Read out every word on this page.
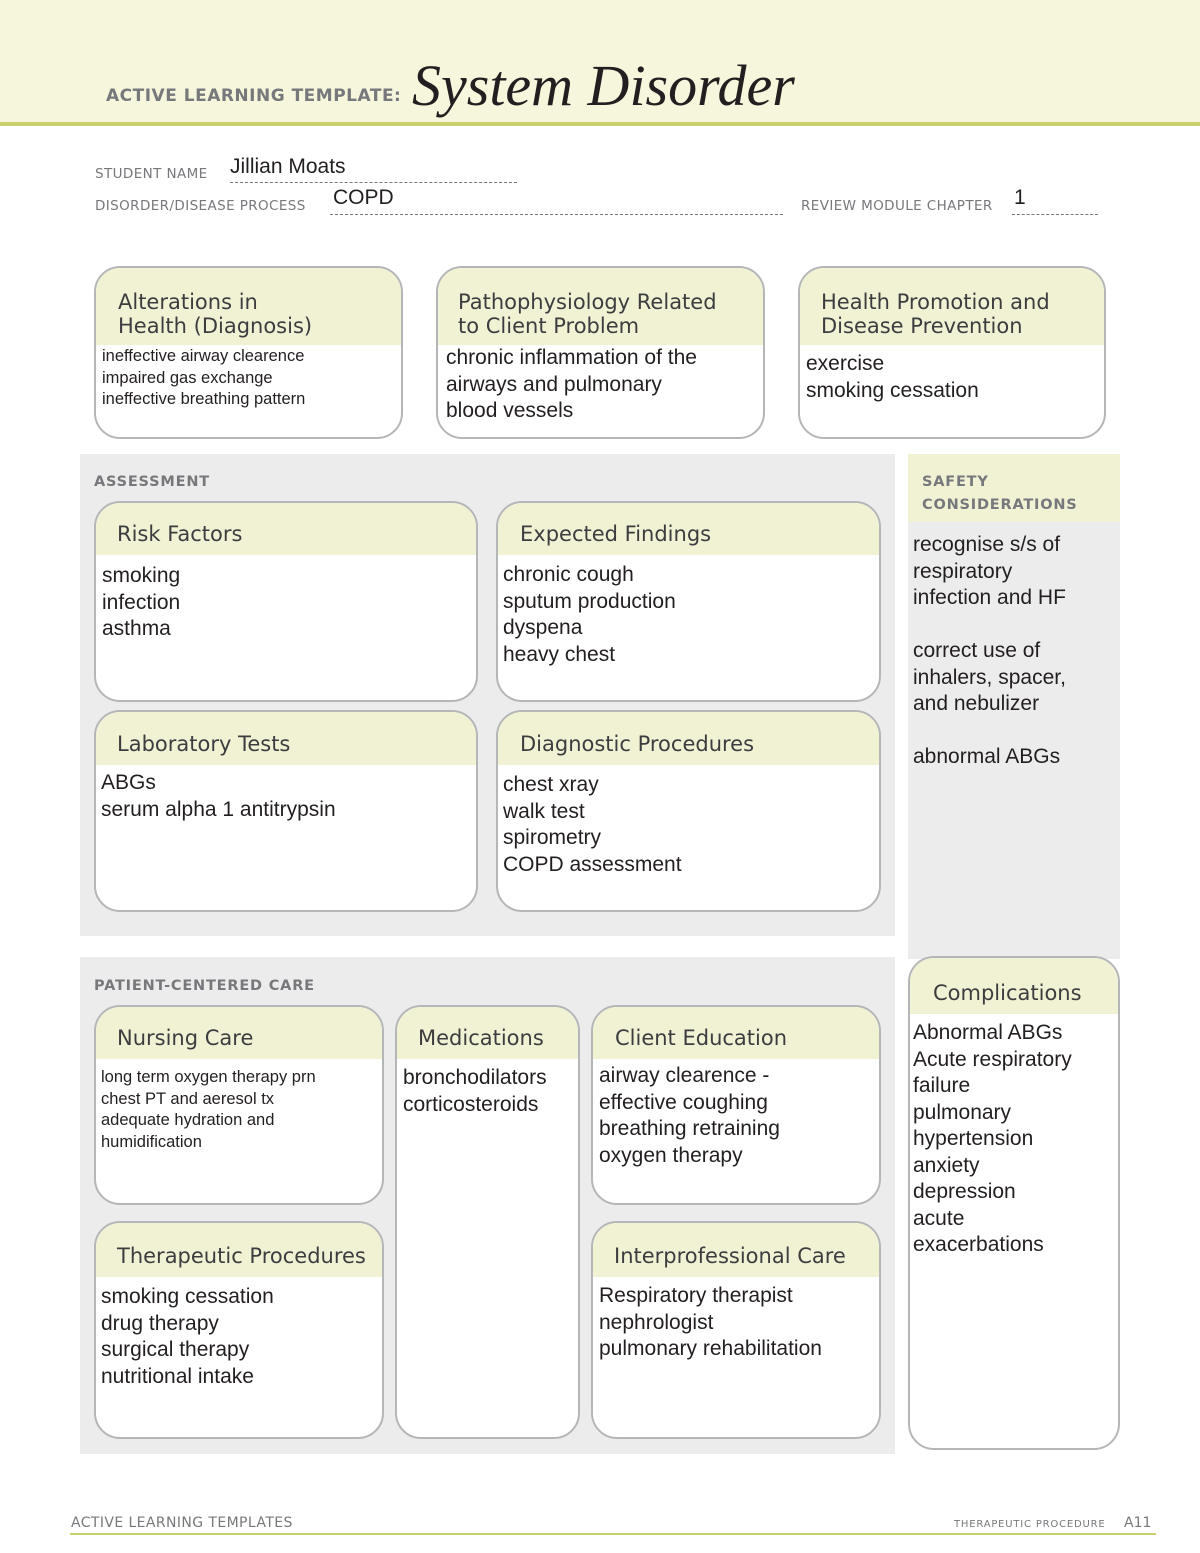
ACTIVE LEARNING TEMPLATE: System Disorder
STUDENT NAME Jillian Moats
DISORDER/DISEASE PROCESS COPD	REVIEW MODULE CHAPTER 1
Alterations in
Health (Diagnosis)
ineffective airway clearence
impaired gas exchange
ineffective breathing pattern
Pathophysiology Related
to Client Problem
chronic inflammation of the
airways and pulmonary
blood vessels
Health Promotion and
Disease Prevention
exercise
smoking cessation
ASSESSMENT
Risk Factors
smoking
infection
asthma
Expected Findings
chronic cough
sputum production
dyspena
heavy chest
Laboratory Tests
ABGs
serum alpha 1 antitrypsin
Diagnostic Procedures
chest xray
walk test
spirometry
COPD assessment
SAFETY
CONSIDERATIONS
recognise s/s of
respiratory
infection and HF

correct use of
inhalers, spacer,
and nebulizer

abnormal ABGs
PATIENT-CENTERED CARE
Nursing Care
long term oxygen therapy prn
chest PT and aeresol tx
adequate hydration and
humidification
Medications
bronchodilators
corticosteroids
Client Education
airway clearence -
effective coughing
breathing retraining
oxygen therapy
Therapeutic Procedures
smoking cessation
drug therapy
surgical therapy
nutritional intake
Interprofessional Care
Respiratory therapist
nephrologist
pulmonary rehabilitation
Complications
Abnormal ABGs
Acute respiratory
failure
pulmonary
hypertension
anxiety
depression
acute
exacerbations
ACTIVE LEARNING TEMPLATES	THERAPEUTIC PROCEDURE A11
